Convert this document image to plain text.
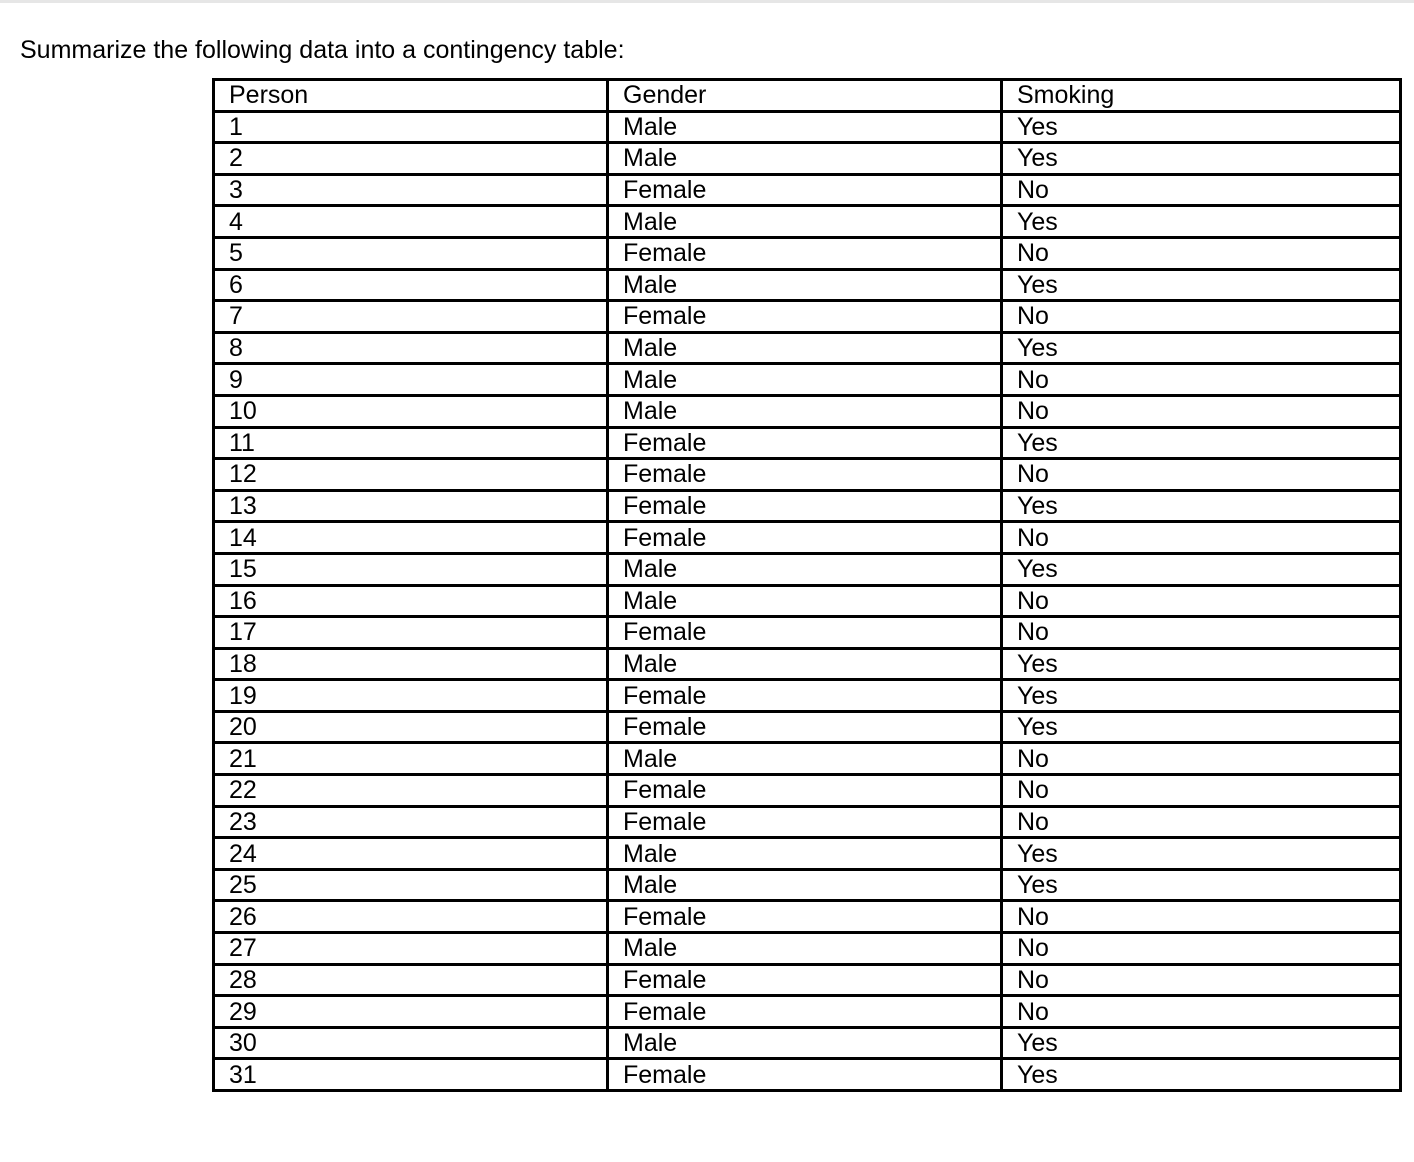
Summarize the following data into a contingency table:
Person	Gender	Smoking
1	Male	Yes
2	Male	Yes
3	Female	No
4	Male	Yes
5	Female	No
6	Male	Yes
7	Female	No
8	Male	Yes
9	Male	No
10	Male	No
11	Female	Yes
12	Female	No
13	Female	Yes
14	Female	No
15	Male	Yes
16	Male	No
17	Female	No
18	Male	Yes
19	Female	Yes
20	Female	Yes
21	Male	No
22	Female	No
23	Female	No
24	Male	Yes
25	Male	Yes
26	Female	No
27	Male	No
28	Female	No
29	Female	No
30	Male	Yes
31	Female	Yes
